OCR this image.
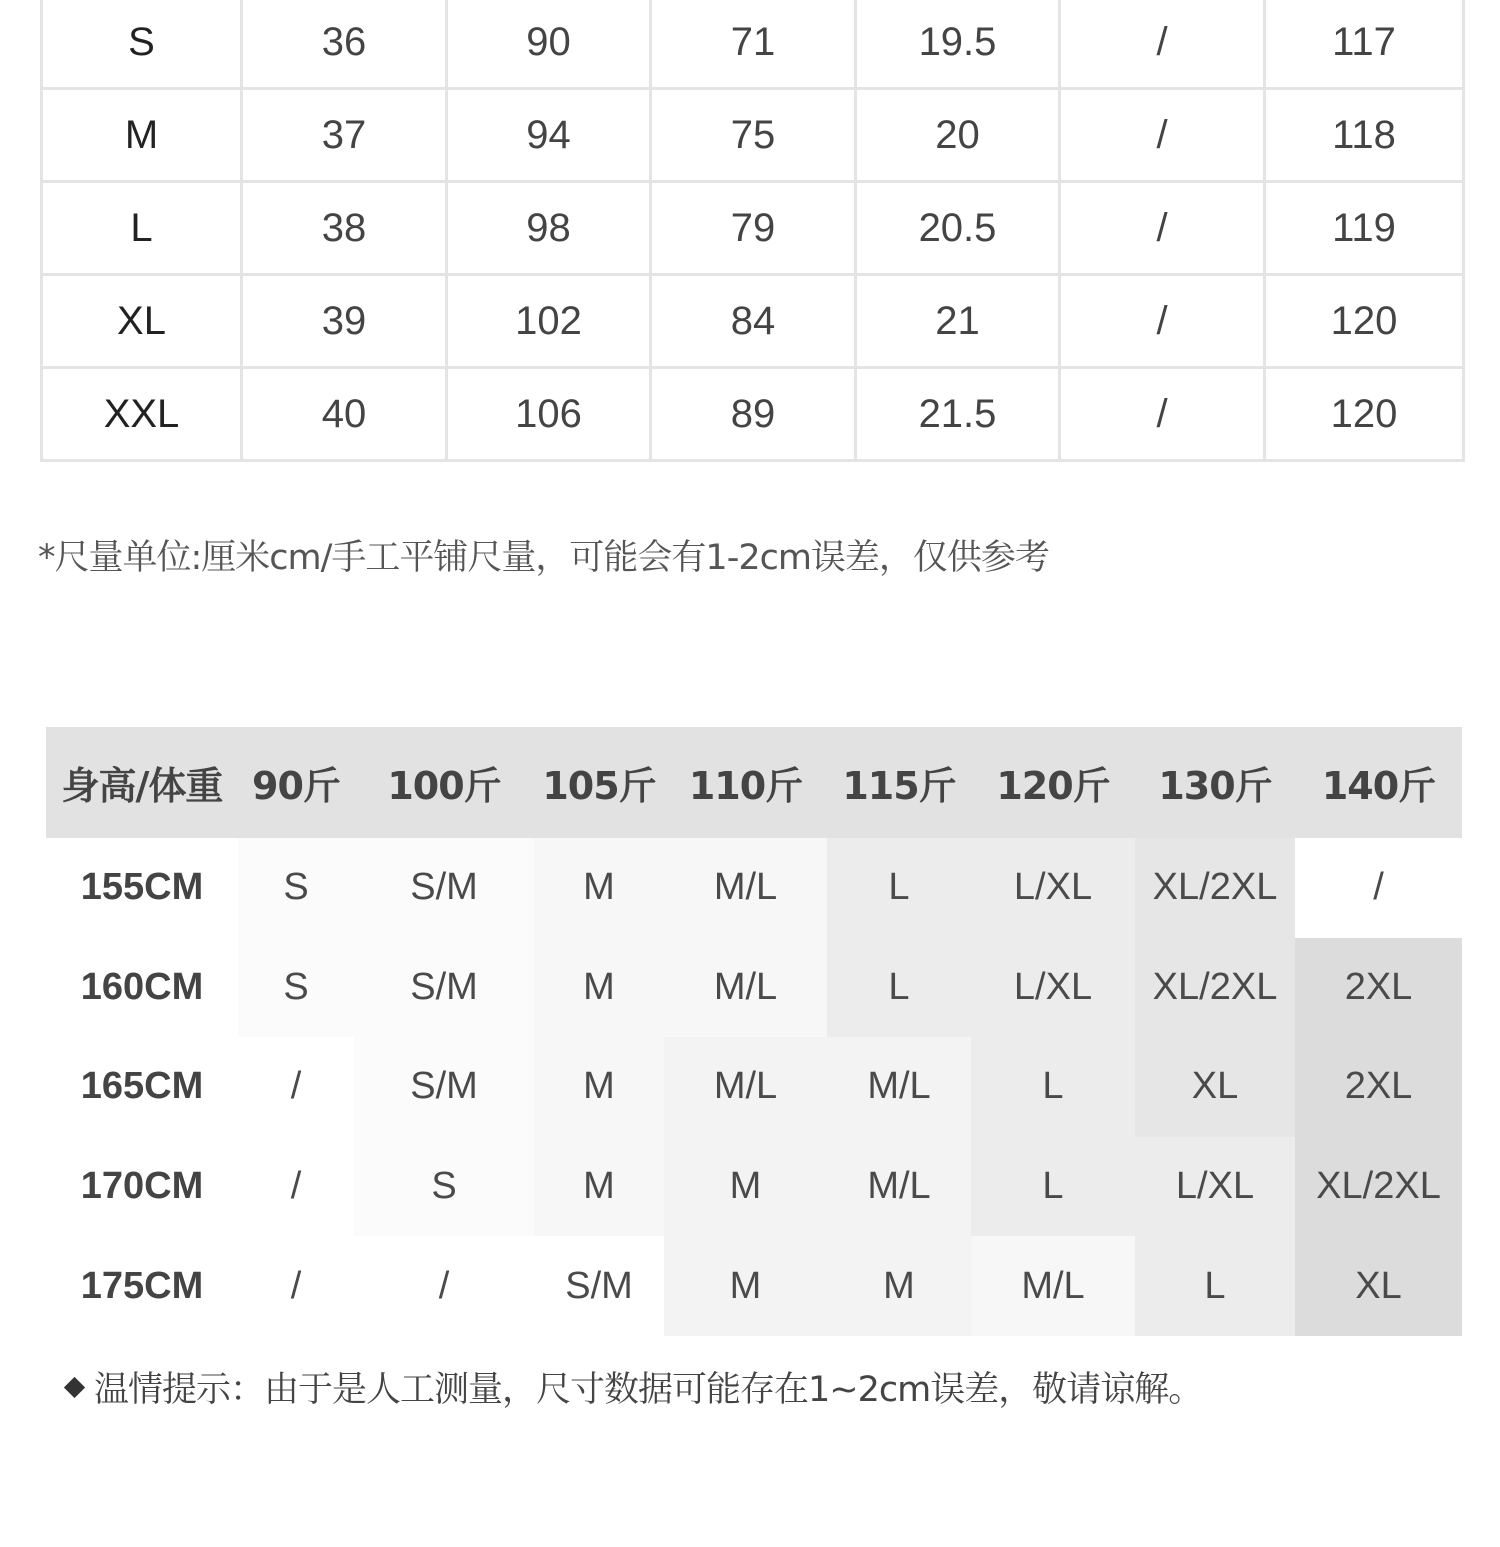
S	36	90	71	19.5	/	117
M	37	94	75	20	/	118
L	38	98	79	20.5	/	119
XL	39	102	84	21	/	120
XXL	40	106	89	21.5	/	120
*尺量单位:厘米cm/手工平铺尺量，可能会有1-2cm误差，仅供参考
身高/体重	90斤	100斤	105斤	110斤	115斤	120斤	130斤	140斤
155CM	S	S/M	M	M/L	L	L/XL	XL/2XL	/
160CM	S	S/M	M	M/L	L	L/XL	XL/2XL	2XL
165CM	/	S/M	M	M/L	M/L	L	XL	2XL
170CM	/	S	M	M	M/L	L	L/XL	XL/2XL
175CM	/	/	S/M	M	M	M/L	L	XL
温情提示：由于是人工测量，尺寸数据可能存在1~2cm误差，敬请谅解。
